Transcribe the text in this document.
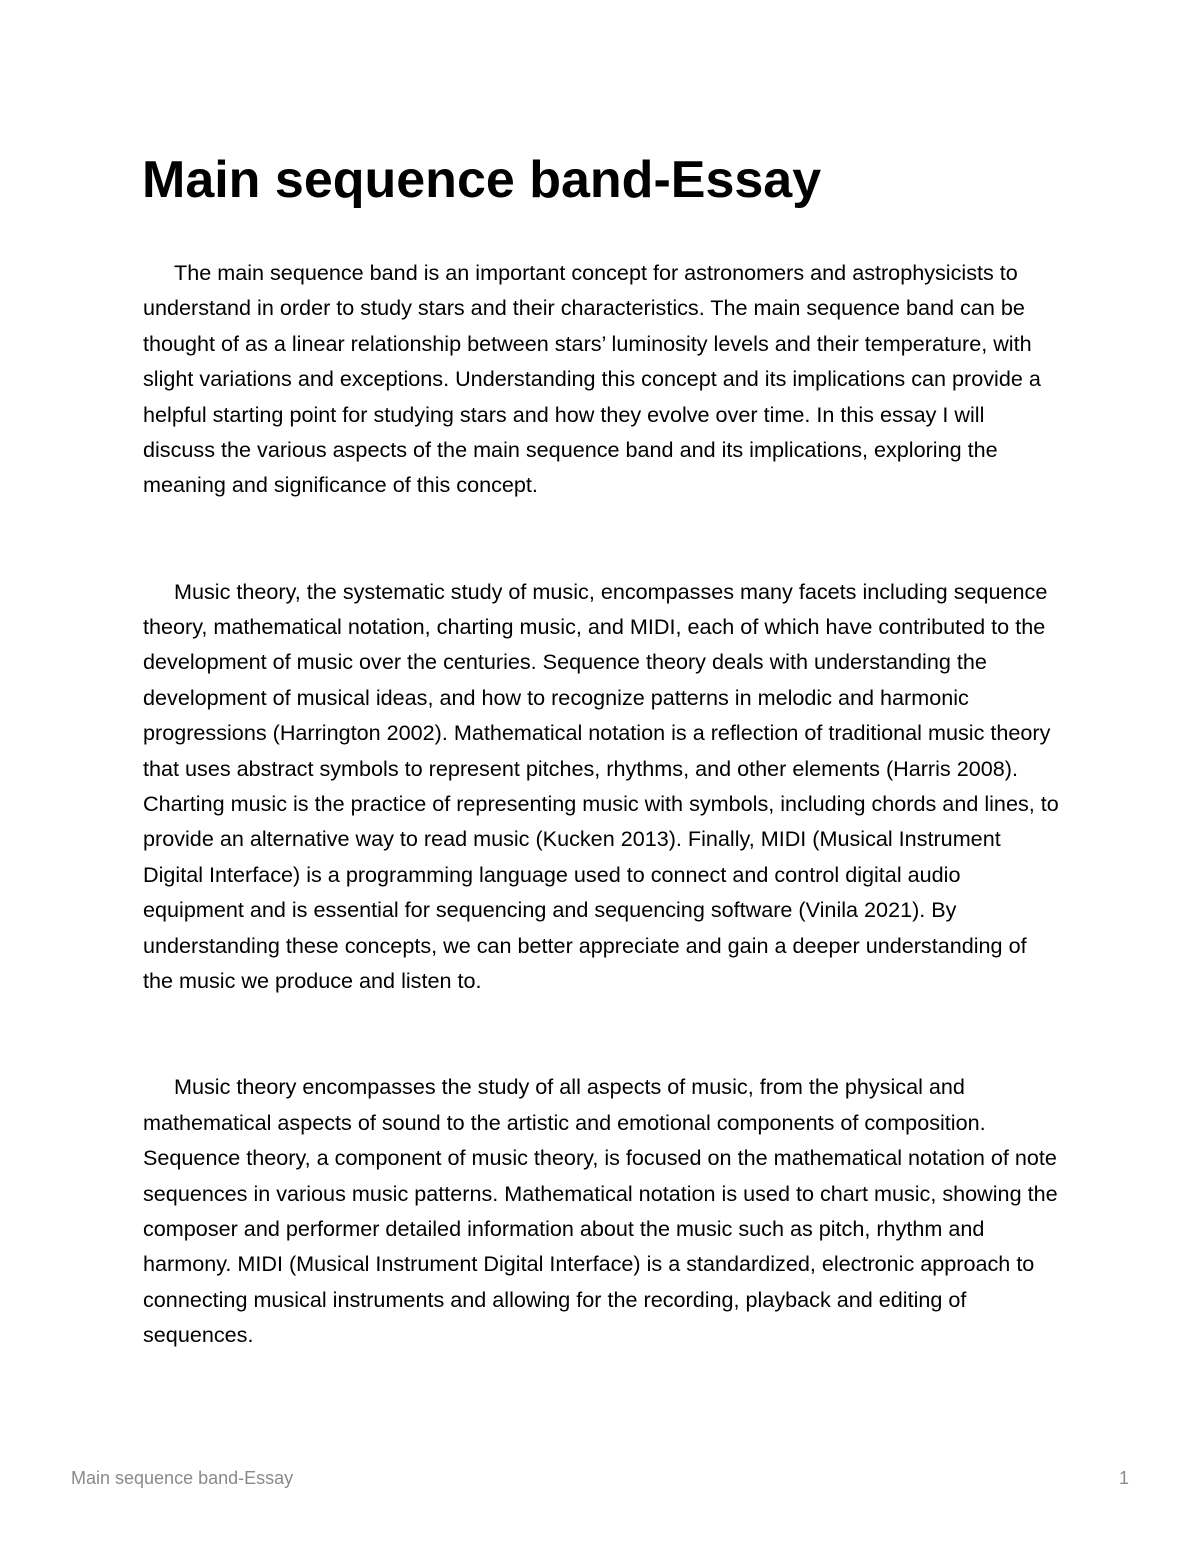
Main sequence band-Essay

The main sequence band is an important concept for astronomers and astrophysicists to understand in order to study stars and their characteristics. The main sequence band can be thought of as a linear relationship between stars’ luminosity levels and their temperature, with slight variations and exceptions. Understanding this concept and its implications can provide a helpful starting point for studying stars and how they evolve over time. In this essay I will discuss the various aspects of the main sequence band and its implications, exploring the meaning and significance of this concept.

Music theory, the systematic study of music, encompasses many facets including sequence theory, mathematical notation, charting music, and MIDI, each of which have contributed to the development of music over the centuries. Sequence theory deals with understanding the development of musical ideas, and how to recognize patterns in melodic and harmonic progressions (Harrington 2002). Mathematical notation is a reflection of traditional music theory that uses abstract symbols to represent pitches, rhythms, and other elements (Harris 2008). Charting music is the practice of representing music with symbols, including chords and lines, to provide an alternative way to read music (Kucken 2013). Finally, MIDI (Musical Instrument Digital Interface) is a programming language used to connect and control digital audio equipment and is essential for sequencing and sequencing software (Vinila 2021). By understanding these concepts, we can better appreciate and gain a deeper understanding of the music we produce and listen to.

Music theory encompasses the study of all aspects of music, from the physical and mathematical aspects of sound to the artistic and emotional components of composition. Sequence theory, a component of music theory, is focused on the mathematical notation of note sequences in various music patterns. Mathematical notation is used to chart music, showing the composer and performer detailed information about the music such as pitch, rhythm and harmony. MIDI (Musical Instrument Digital Interface) is a standardized, electronic approach to connecting musical instruments and allowing for the recording, playback and editing of sequences.

Main sequence band-Essay	1
